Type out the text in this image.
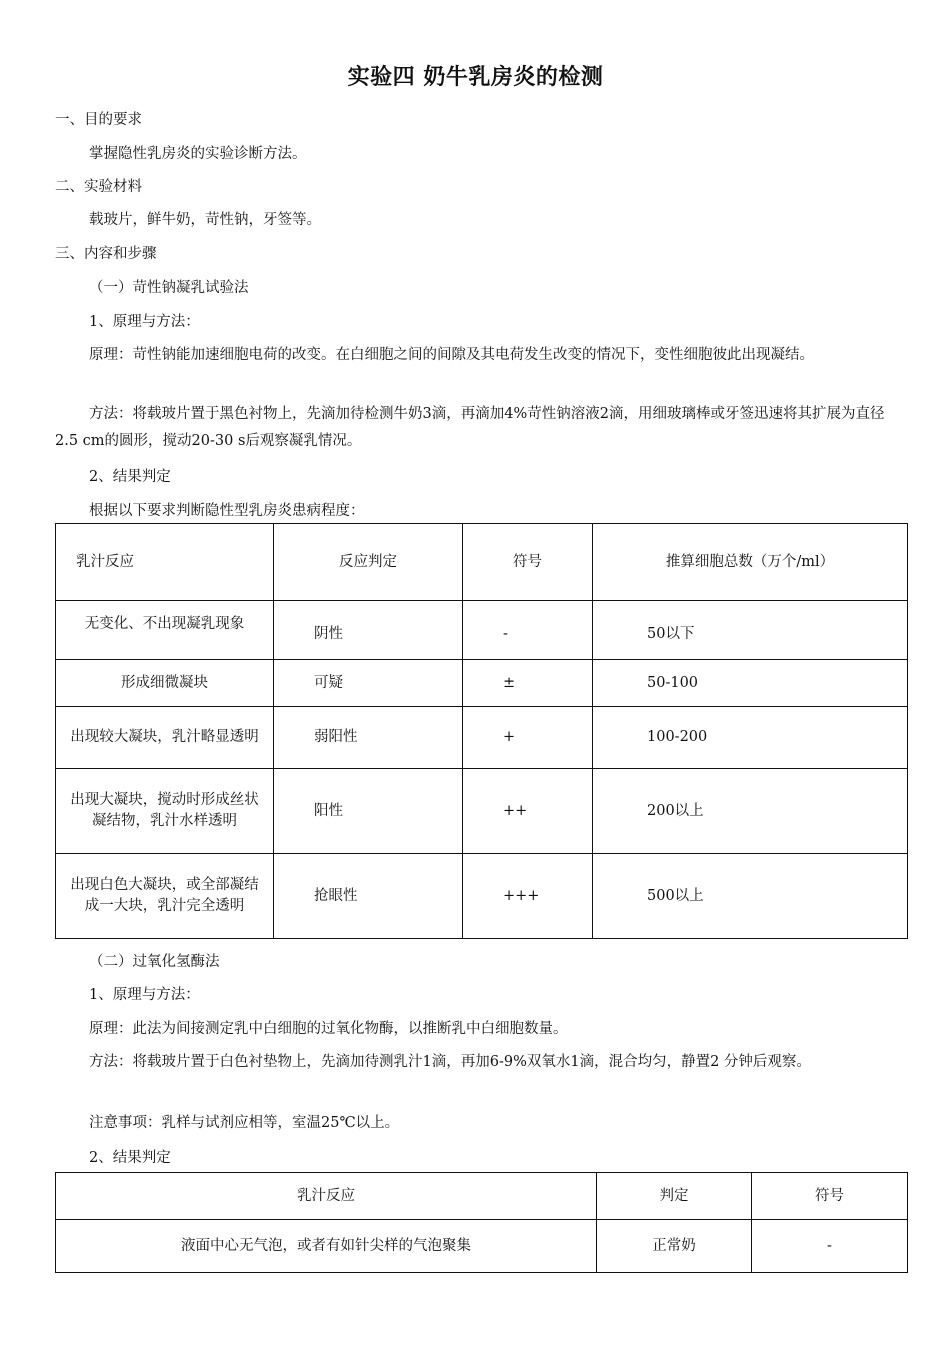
实验四 奶牛乳房炎的检测
一、目的要求
掌握隐性乳房炎的实验诊断方法。
二、实验材料
载玻片，鲜牛奶，苛性钠，牙签等。
三、内容和步骤
（一）苛性钠凝乳试验法
1、原理与方法：
原理：苛性钠能加速细胞电荷的改变。在白细胞之间的间隙及其电荷发生改变的情况下，变性细胞彼此出现凝结。
方法：将载玻片置于黑色衬物上，先滴加待检测牛奶3滴，再滴加4%苛性钠溶液2滴，用细玻璃棒或牙签迅速将其扩展为直径2.5 cm的圆形，搅动20-30 s后观察凝乳情况。
2、结果判定
根据以下要求判断隐性型乳房炎患病程度：
乳汁反应	反应判定	符号	推算细胞总数（万个/ml）
无变化、不出现凝乳现象	阴性	-	50以下
形成细微凝块	可疑	±	50-100
出现较大凝块，乳汁略显透明	弱阳性	+	100-200
出现大凝块，搅动时形成丝状凝结物，乳汁水样透明	阳性	++	200以上
出现白色大凝块，或全部凝结成一大块，乳汁完全透明	抢眼性	+++	500以上
（二）过氧化氢酶法
1、原理与方法：
原理：此法为间接测定乳中白细胞的过氧化物酶，以推断乳中白细胞数量。
方法：将载玻片置于白色衬垫物上，先滴加待测乳汁1滴，再加6-9%双氧水1滴，混合均匀，静置2 分钟后观察。
注意事项：乳样与试剂应相等，室温25℃以上。
2、结果判定
乳汁反应	判定	符号
液面中心无气泡，或者有如针尖样的气泡聚集	正常奶	-
